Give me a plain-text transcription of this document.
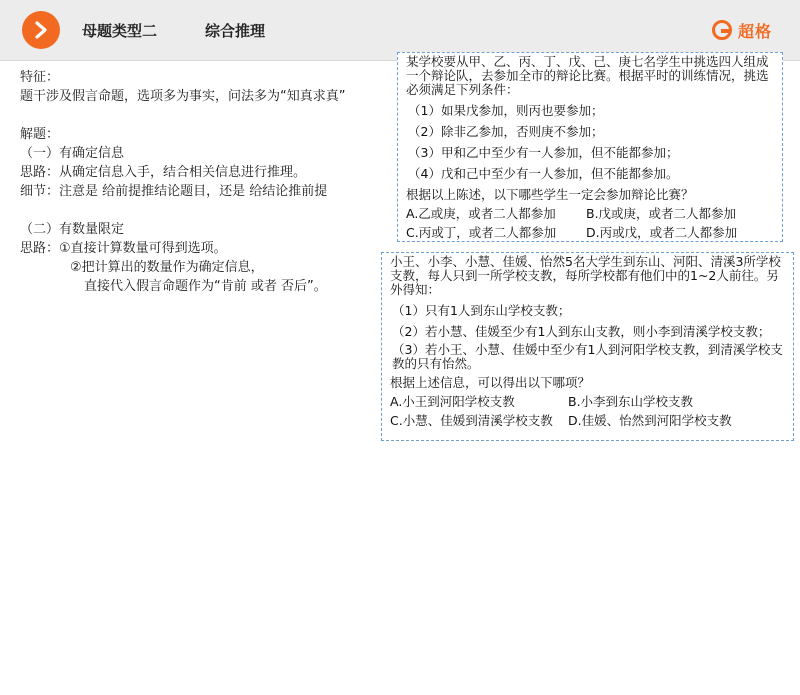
母题类型二	综合推理	超格

特征：

题干涉及假言命题，选项多为事实，问法多为“知真求真”

解题：

（一）有确定信息

思路：从确定信息入手，结合相关信息进行推理。

细节：注意是 给前提推结论题目，还是 给结论推前提

（二）有数量限定

思路：①直接计算数量可得到选项。

②把计算出的数量作为确定信息，

直接代入假言命题作为“肯前 或者 否后”。

某学校要从甲、乙、丙、丁、戊、己、庚七名学生中挑选四人组成一个辩论队，去参加全市的辩论比赛。根据平时的训练情况，挑选必须满足下列条件：

（1）如果戊参加，则丙也要参加；

（2）除非乙参加，否则庚不参加；

（3）甲和乙中至少有一人参加，但不能都参加；

（4）戊和己中至少有一人参加，但不能都参加。

根据以上陈述，以下哪些学生一定会参加辩论比赛？

A.乙或庚，或者二人都参加	B.戊或庚，或者二人都参加

C.丙或丁，或者二人都参加	D.丙或戊，或者二人都参加

小王、小李、小慧、佳媛、怡然5名大学生到东山、河阳、清溪3所学校支教，每人只到一所学校支教，每所学校都有他们中的1~2人前往。另外得知：

（1）只有1人到东山学校支教；

（2）若小慧、佳媛至少有1人到东山支教，则小李到清溪学校支教；

（3）若小王、小慧、佳媛中至少有1人到河阳学校支教，到清溪学校支教的只有怡然。

根据上述信息，可以得出以下哪项？

A.小王到河阳学校支教	B.小李到东山学校支教

C.小慧、佳媛到清溪学校支教	D.佳媛、怡然到河阳学校支教
